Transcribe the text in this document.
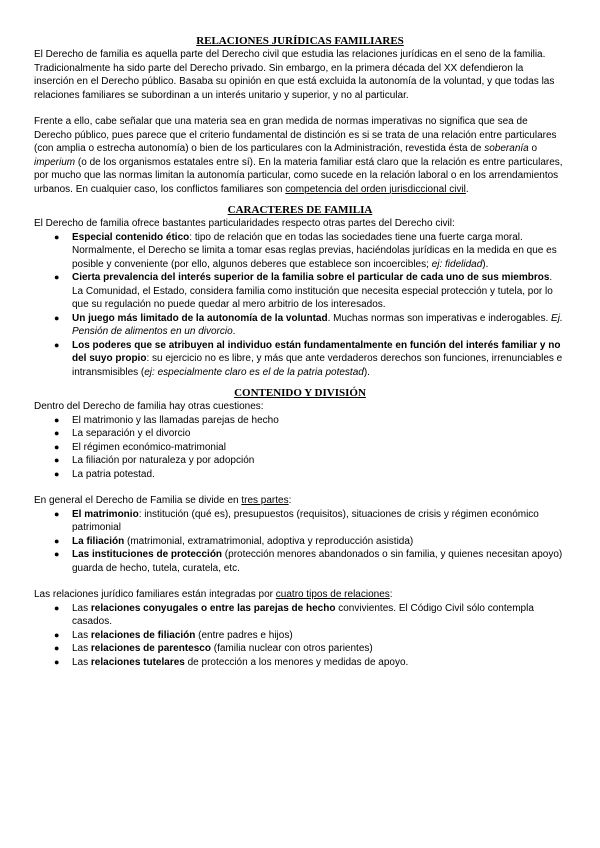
RELACIONES JURÍDICAS FAMILIARES

El Derecho de familia es aquella parte del Derecho civil que estudia las relaciones jurídicas en el seno de la familia. Tradicionalmente ha sido parte del Derecho privado. Sin embargo, en la primera década del XX defendieron la inserción en el Derecho público. Basaba su opinión en que está excluida la autonomía de la voluntad, y que todas las relaciones familiares se subordinan a un interés unitario y superior, y no al particular.

Frente a ello, cabe señalar que una materia sea en gran medida de normas imperativas no significa que sea de Derecho público, pues parece que el criterio fundamental de distinción es si se trata de una relación entre particulares (con amplia o estrecha autonomía) o bien de los particulares con la Administración, revestida ésta de soberanía o imperium (o de los organismos estatales entre sí). En la materia familiar está claro que la relación es entre particulares, por mucho que las normas limitan la autonomía particular, como sucede en la relación laboral o en los arrendamientos urbanos. En cualquier caso, los conflictos familiares son competencia del orden jurisdiccional civil.

CARACTERES DE FAMILIA

El Derecho de familia ofrece bastantes particularidades respecto otras partes del Derecho civil:

● Especial contenido ético: tipo de relación que en todas las sociedades tiene una fuerte carga moral. Normalmente, el Derecho se limita a tomar esas reglas previas, haciéndolas jurídicas en la medida en que es posible y conveniente (por ello, algunos deberes que establece son incoercibles; ej: fidelidad).
● Cierta prevalencia del interés superior de la familia sobre el particular de cada uno de sus miembros. La Comunidad, el Estado, considera familia como institución que necesita especial protección y tutela, por lo que su regulación no puede quedar al mero arbitrio de los interesados.
● Un juego más limitado de la autonomía de la voluntad. Muchas normas son imperativas e inderogables. Ej. Pensión de alimentos en un divorcio.
● Los poderes que se atribuyen al individuo están fundamentalmente en función del interés familiar y no del suyo propio: su ejercicio no es libre, y más que ante verdaderos derechos son funciones, irrenunciables e intransmisibles (ej: especialmente claro es el de la patria potestad).
CONTENIDO Y DIVISIÓN

Dentro del Derecho de familia hay otras cuestiones:

● El matrimonio y las llamadas parejas de hecho
● La separación y el divorcio
● El régimen económico-matrimonial
● La filiación por naturaleza y por adopción
● La patria potestad.

En general el Derecho de Familia se divide en tres partes:

● El matrimonio: institución (qué es), presupuestos (requisitos), situaciones de crisis y régimen económico patrimonial
● La filiación (matrimonial, extramatrimonial, adoptiva y reproducción asistida)
● Las instituciones de protección (protección menores abandonados o sin familia, y quienes necesitan apoyo) guarda de hecho, tutela, curatela, etc.

Las relaciones jurídico familiares están integradas por cuatro tipos de relaciones:

● Las relaciones conyugales o entre las parejas de hecho convivientes. El Código Civil sólo contempla casados.
● Las relaciones de filiación (entre padres e hijos)
● Las relaciones de parentesco (familia nuclear con otros parientes)
● Las relaciones tutelares de protección a los menores y medidas de apoyo.
